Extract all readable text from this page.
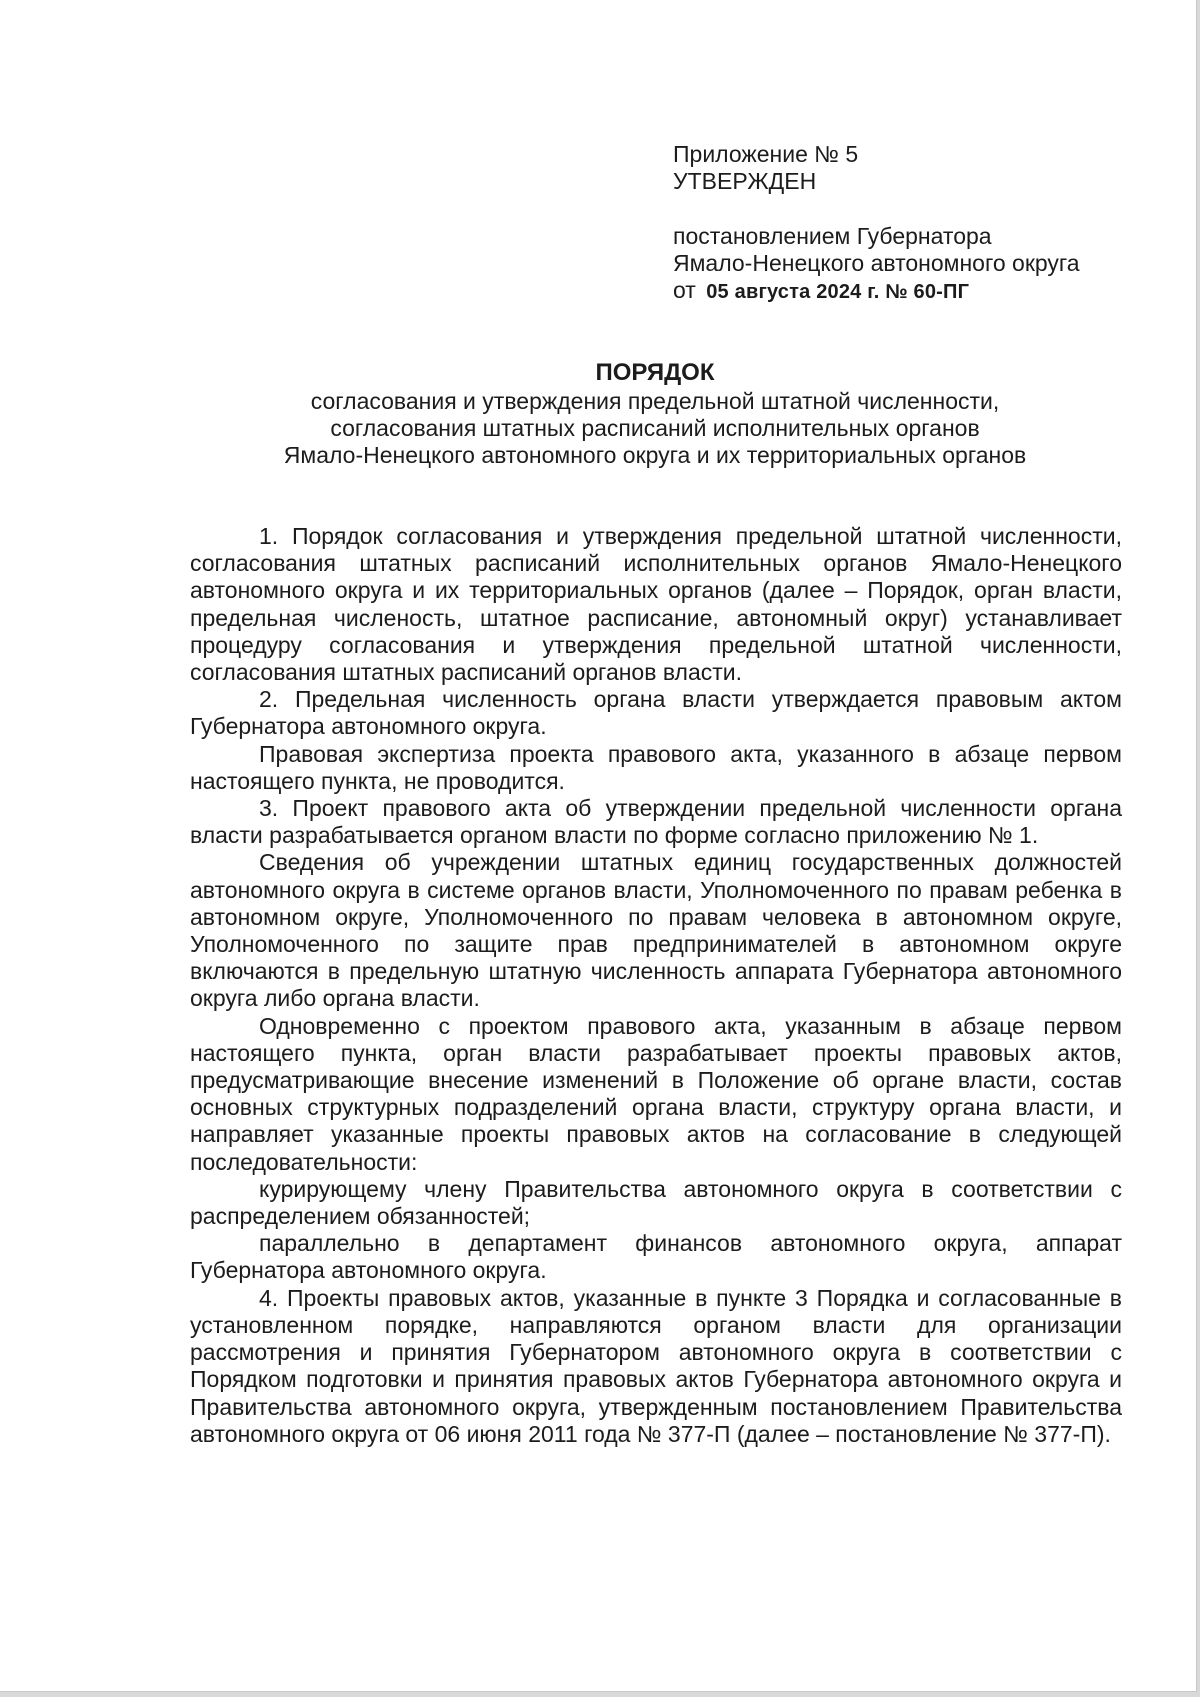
Приложение № 5
УТВЕРЖДЕН
постановлением Губернатора
Ямало-Ненецкого автономного округа
от 05 августа 2024 г. № 60-ПГ
ПОРЯДОК
согласования и утверждения предельной штатной численности,
согласования штатных расписаний исполнительных органов
Ямало-Ненецкого автономного округа и их территориальных органов

1. Порядок согласования и утверждения предельной штатной численности, согласования штатных расписаний исполнительных органов Ямало-Ненецкого автономного округа и их территориальных органов (далее – Порядок, орган власти, предельная численость, штатное расписание, автономный округ) устанавливает процедуру согласования и утверждения предельной штатной численности, согласования штатных расписаний органов власти.

2. Предельная численность органа власти утверждается правовым актом Губернатора автономного округа.

Правовая экспертиза проекта правового акта, указанного в абзаце первом настоящего пункта, не проводится.

3. Проект правового акта об утверждении предельной численности органа власти разрабатывается органом власти по форме согласно приложению № 1.

Сведения об учреждении штатных единиц государственных должностей автономного округа в системе органов власти, Уполномоченного по правам ребенка в автономном округе, Уполномоченного по правам человека в автономном округе, Уполномоченного по защите прав предпринимателей в автономном округе включаются в предельную штатную численность аппарата Губернатора автономного округа либо органа власти.

Одновременно с проектом правового акта, указанным в абзаце первом настоящего пункта, орган власти разрабатывает проекты правовых актов, предусматривающие внесение изменений в Положение об органе власти, состав основных структурных подразделений органа власти, структуру органа власти, и направляет указанные проекты правовых актов на согласование в следующей последовательности:

курирующему члену Правительства автономного округа в соответствии с распределением обязанностей;

параллельно в департамент финансов автономного округа, аппарат Губернатора автономного округа.

4. Проекты правовых актов, указанные в пункте 3 Порядка и согласованные в установленном порядке, направляются органом власти для организации рассмотрения и принятия Губернатором автономного округа в соответствии с Порядком подготовки и принятия правовых актов Губернатора автономного округа и Правительства автономного округа, утвержденным постановлением Правительства автономного округа от 06 июня 2011 года № 377-П (далее – постановление № 377-П).
